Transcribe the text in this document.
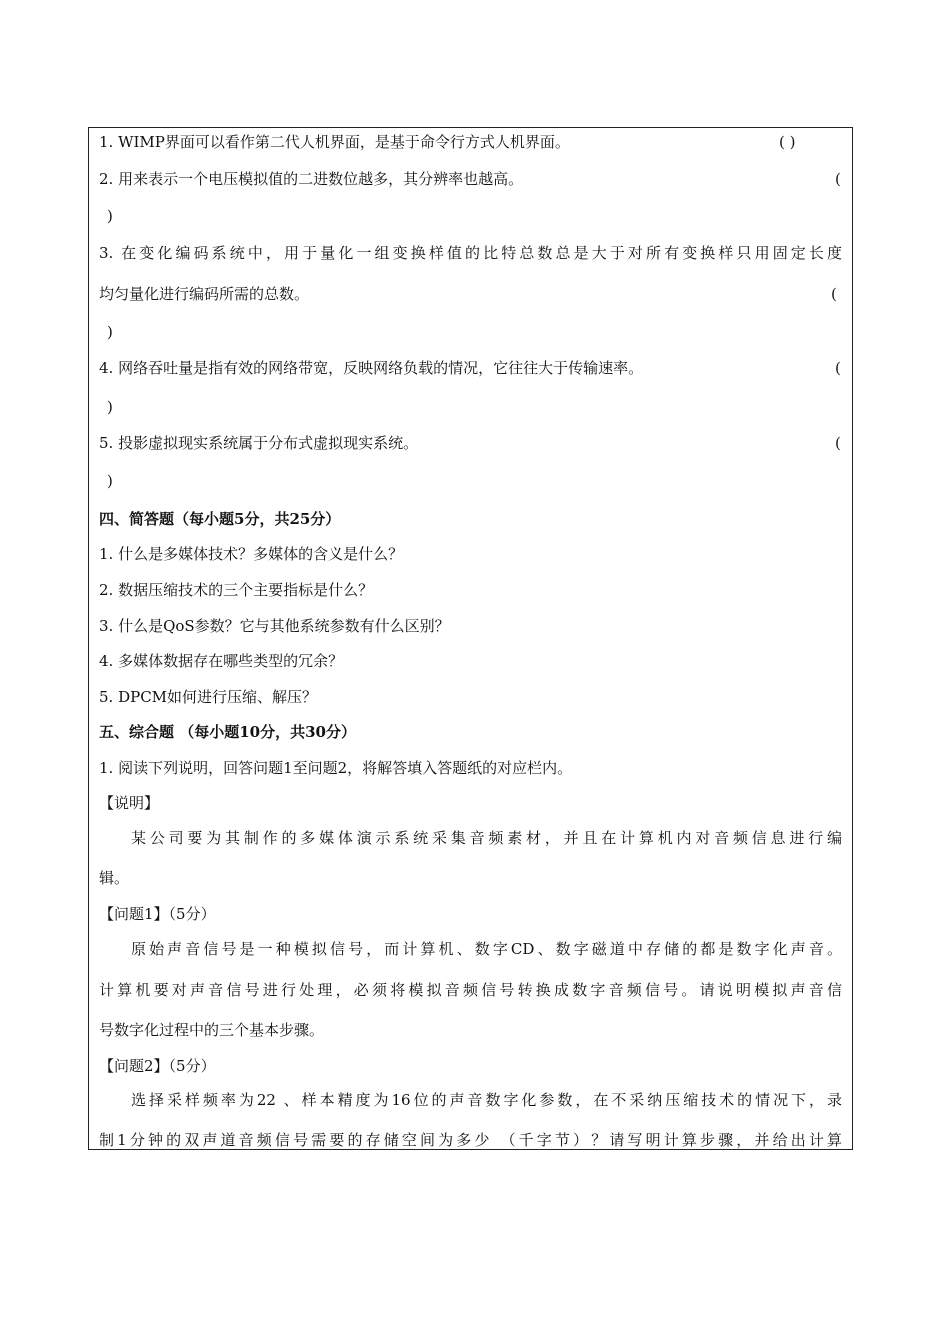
1. WIMP界面可以看作第二代人机界面，是基于命令行方式人机界面。	( )
2. 用来表示一个电压模拟值的二进数位越多，其分辨率也越高。	(
)
3. 在变化编码系统中，用于量化一组变换样值的比特总数总是大于对所有变换样只用固定长度
均匀量化进行编码所需的总数。	(
)
4. 网络吞吐量是指有效的网络带宽，反映网络负载的情况，它往往大于传输速率。	(
)
5. 投影虚拟现实系统属于分布式虚拟现实系统。	(
)
四、简答题（每小题5分，共25分）
1. 什么是多媒体技术？多媒体的含义是什么？
2. 数据压缩技术的三个主要指标是什么？
3. 什么是QoS参数？它与其他系统参数有什么区别？
4. 多媒体数据存在哪些类型的冗余？
5. DPCM如何进行压缩、解压？
五、综合题 （每小题10分，共30分）
1. 阅读下列说明，回答问题1至问题2，将解答填入答题纸的对应栏内。
【说明】
某公司要为其制作的多媒体演示系统采集音频素材，并且在计算机内对音频信息进行编
辑。
【问题1】（5分）
原始声音信号是一种模拟信号，而计算机、数字CD、数字磁道中存储的都是数字化声音。
计算机要对声音信号进行处理，必须将模拟音频信号转换成数字音频信号。请说明模拟声音信
号数字化过程中的三个基本步骤。
【问题2】（5分）
选择采样频率为22 、样本精度为16位的声音数字化参数，在不采纳压缩技术的情况下，录
制1分钟的双声道音频信号需要的存储空间为多少 （千字节）？请写明计算步骤，并给出计算
